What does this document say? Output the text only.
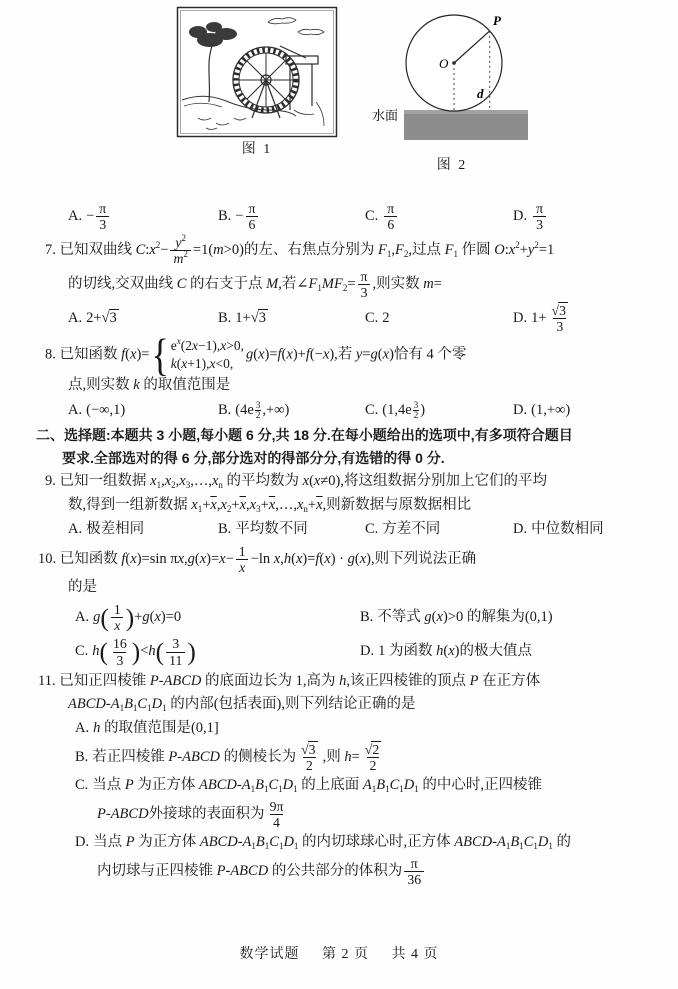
图 1
O
P
d
水面
图 2
A. − $\frac{\pi}{3}$	B. − $\frac{\pi}{6}$	C. $\frac{\pi}{6}$	D. $\frac{\pi}{3}$
7. 已知双曲线 $C:x^2- \frac{y^2}{m^2} =1(m>0)$的左、右焦点分别为 $F_1,F_2$,过点 $F_1$ 作圆 $O:x^2+y^2=1$
的切线,交双曲线 C 的右支于点 M,若$\angle F_1MF_2= \frac{\pi}{3}$ ,则实数 m=
A. 2+√3	B. 1+√3	C. 2	D. $1+ \frac{√3}{3}$
8. 已知函数 f(x)= { $e^x(2x-1),x>0$,
k(x+1),x<0,
g(x)=f(x)+f(−x),若 y=g(x)恰有 4 个零
点,则实数 k 的取值范围是
A. (−∞,1)	B. (4e $^{\frac{3}{2}}$ ,+∞)	C. (1,4e $^{\frac{3}{2}}$ )	D. (1,+∞)
二、选择题:本题共 3 小题,每小题 6 分,共 18 分.在每小题给出的选项中,有多项符合题目
要求.全部选对的得 6 分,部分选对的得部分分,有选错的得 0 分.
9. 已知一组数据 $x_1,x_2,x_3,\dots,x_n$ 的平均数为 x(x≠0),将这组数据分别加上它们的平均
数,得到一组新数据 $x_1+\overline{x},x_2+\overline{x},x_3+\overline{x},\dots,x_n+\overline{x}$,则新数据与原数据相比
A. 极差相同	B. 平均数不同	C. 方差不同	D. 中位数相同
10. 已知函数 f(x)=sin $\pi x,g(x)=x- \frac{1}{x} -\ln$ x,h(x)=f(x) · g(x),则下列说法正确
的是
A. $g( \frac{1}{x} )+g(x)=0$	B. 不等式 g(x)>0 的解集为(0,1)
C. $h( \frac{16}{3} )<h( \frac{3}{11}$ )	D. 1 为函数 h(x)的极大值点
11. 已知正四棱锥 P-ABCD 的底面边长为 1,高为 h,该正四棱锥的顶点 P 在正方体
ABCD-$A_1B_1C_1D_1$ 的内部(包括表面),则下列结论正确的是
A. h 的取值范围是(0,1]
B. 若正四棱锥 P-ABCD 的侧棱长为 $\frac{√3}{2}$ ,则 $h= \frac{√2}{2}$
C. 当点 P 为正方体 ABCD-$A_1B_1C_1D_1$ 的上底面 $A_1B_1C_1D_1$ 的中心时,正四棱锥
P-ABCD外接球的表面积为 $\frac{9\pi}{4}$
D. 当点 P 为正方体 ABCD-$A_1B_1C_1D_1$ 的内切球球心时,正方体 ABCD-$A_1B_1C_1D_1$ 的
内切球与正四棱锥 P-ABCD 的公共部分的体积为 $\frac{\pi}{36}$
数学试题 第 2 页 共 4 页
